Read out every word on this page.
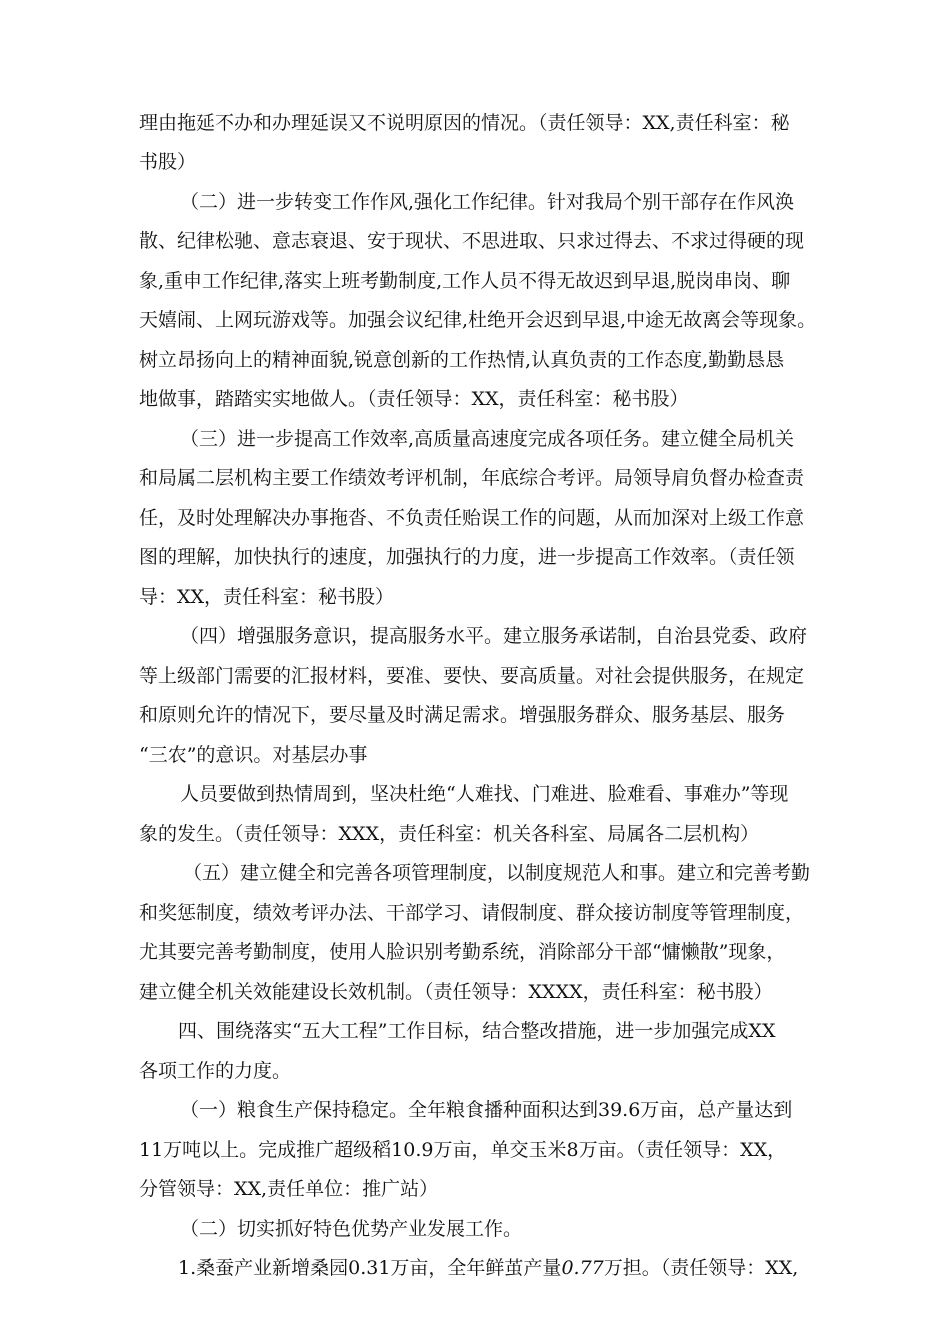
理由拖延不办和办理延误又不说明原因的情况。（责任领导：XX,责任科室：秘

书股）

（二）进一步转变工作作风,强化工作纪律。针对我局个别干部存在作风涣

散、纪律松驰、意志衰退、安于现状、不思进取、只求过得去、不求过得硬的现

象,重申工作纪律,落实上班考勤制度,工作人员不得无故迟到早退,脱岗串岗、聊

天嬉闹、上网玩游戏等。加强会议纪律,杜绝开会迟到早退,中途无故离会等现象。

树立昂扬向上的精神面貌,锐意创新的工作热情,认真负责的工作态度,勤勤恳恳

地做事，踏踏实实地做人。（责任领导：XX，责任科室：秘书股）

（三）进一步提高工作效率,高质量高速度完成各项任务。建立健全局机关

和局属二层机构主要工作绩效考评机制，年底综合考评。局领导肩负督办检查责

任，及时处理解决办事拖沓、不负责任贻误工作的问题，从而加深对上级工作意

图的理解，加快执行的速度，加强执行的力度，进一步提高工作效率。（责任领

导：XX，责任科室：秘书股）

（四）增强服务意识，提高服务水平。建立服务承诺制，自治县党委、政府

等上级部门需要的汇报材料，要准、要快、要高质量。对社会提供服务，在规定

和原则允许的情况下，要尽量及时满足需求。增强服务群众、服务基层、服务

“三农”的意识。对基层办事

人员要做到热情周到，坚决杜绝“人难找、门难进、脸难看、事难办”等现

象的发生。（责任领导：XXX，责任科室：机关各科室、局属各二层机构）

（五）建立健全和完善各项管理制度，以制度规范人和事。建立和完善考勤

和奖惩制度，绩效考评办法、干部学习、请假制度、群众接访制度等管理制度，

尤其要完善考勤制度，使用人脸识别考勤系统，消除部分干部“慵懒散”现象，

建立健全机关效能建设长效机制。（责任领导：XXXX，责任科室：秘书股）

四、围绕落实“五大工程”工作目标，结合整改措施，进一步加强完成XX

各项工作的力度。

（一）粮食生产保持稳定。全年粮食播种面积达到39.6万亩，总产量达到

11万吨以上。完成推广超级稻10.9万亩，单交玉米8万亩。（责任领导：XX，

分管领导：XX,责任单位：推广站）

（二）切实抓好特色优势产业发展工作。

1.桑蚕产业新增桑园0.31万亩，全年鲜茧产量0.77万担。（责任领导：XX,
